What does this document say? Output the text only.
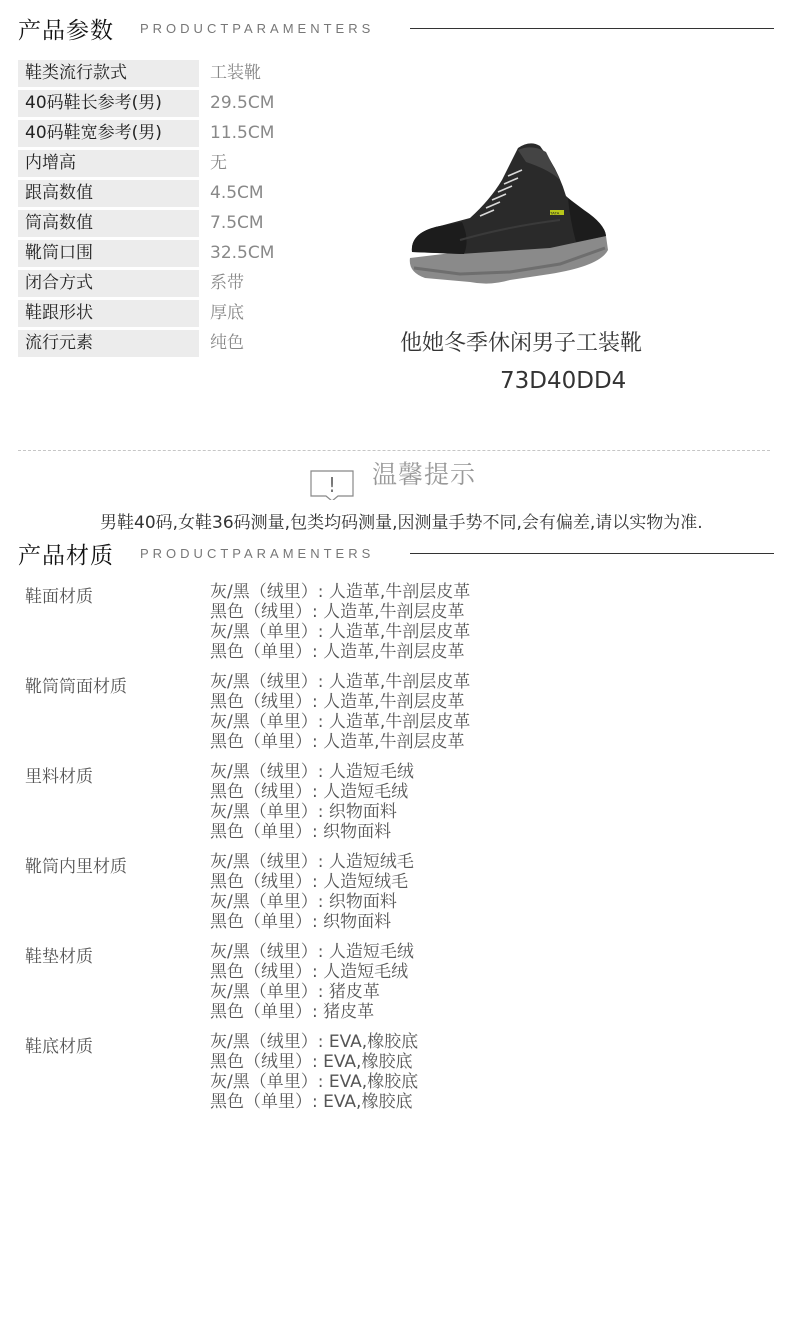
产品参数 PRODUCTPARAMENTERS
鞋类流行款式	工装靴
40码鞋长参考(男)	29.5CM
40码鞋宽参考(男)	11.5CM
内增高	无
跟高数值	4.5CM
筒高数值	7.5CM
靴筒口围	32.5CM
闭合方式	系带
鞋跟形状	厚底
流行元素	纯色
TATA
他她冬季休闲男子工装靴
73D40DD4
! 温馨提示
男鞋40码,女鞋36码测量,包类均码测量,因测量手势不同,会有偏差,请以实物为准.
产品材质 PRODUCTPARAMENTERS
鞋面材质	灰/黑（绒里）: 人造革,牛剖层皮革
黑色（绒里）: 人造革,牛剖层皮革
灰/黑（单里）: 人造革,牛剖层皮革
黑色（单里）: 人造革,牛剖层皮革
靴筒筒面材质	灰/黑（绒里）: 人造革,牛剖层皮革
黑色（绒里）: 人造革,牛剖层皮革
灰/黑（单里）: 人造革,牛剖层皮革
黑色（单里）: 人造革,牛剖层皮革
里料材质	灰/黑（绒里）: 人造短毛绒
黑色（绒里）: 人造短毛绒
灰/黑（单里）: 织物面料
黑色（单里）: 织物面料
靴筒内里材质	灰/黑（绒里）: 人造短绒毛
黑色（绒里）: 人造短绒毛
灰/黑（单里）: 织物面料
黑色（单里）: 织物面料
鞋垫材质	灰/黑（绒里）: 人造短毛绒
黑色（绒里）: 人造短毛绒
灰/黑（单里）: 猪皮革
黑色（单里）: 猪皮革
鞋底材质	灰/黑（绒里）: EVA,橡胶底
黑色（绒里）: EVA,橡胶底
灰/黑（单里）: EVA,橡胶底
黑色（单里）: EVA,橡胶底
